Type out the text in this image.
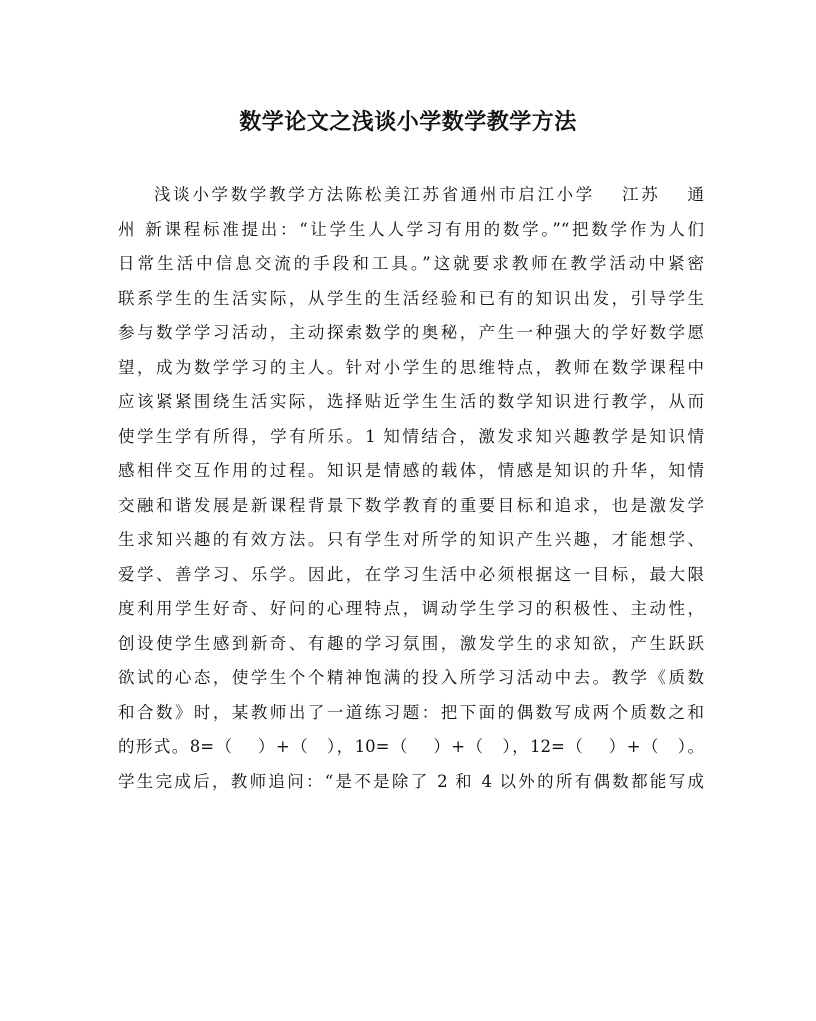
数学论文之浅谈小学数学教学方法
浅谈小学数学教学方法陈松美江苏省通州市启江小学　 江苏　 通
州 新课程标准提出：“让学生人人学习有用的数学。”“把数学作为人们
日常生活中信息交流的手段和工具。”这就要求教师在教学活动中紧密
联系学生的生活实际，从学生的生活经验和已有的知识出发，引导学生
参与数学学习活动，主动探索数学的奥秘，产生一种强大的学好数学愿
望，成为数学学习的主人。针对小学生的思维特点，教师在数学课程中
应该紧紧围绕生活实际，选择贴近学生生活的数学知识进行教学，从而
使学生学有所得，学有所乐。1 知情结合，激发求知兴趣教学是知识情
感相伴交互作用的过程。知识是情感的载体，情感是知识的升华，知情
交融和谐发展是新课程背景下数学教育的重要目标和追求，也是激发学
生求知兴趣的有效方法。只有学生对所学的知识产生兴趣，才能想学、
爱学、善学习、乐学。因此，在学习生活中必须根据这一目标，最大限
度利用学生好奇、好问的心理特点，调动学生学习的积极性、主动性，
创设使学生感到新奇、有趣的学习氛围，激发学生的求知欲，产生跃跃
欲试的心态，使学生个个精神饱满的投入所学习活动中去。教学《质数
和合数》时，某教师出了一道练习题：把下面的偶数写成两个质数之和
的形式。8=（　 ）+（　），10=（　 ）+（　），12=（　 ）+（　）。
学生完成后，教师追问：“是不是除了 2 和 4 以外的所有偶数都能写成
